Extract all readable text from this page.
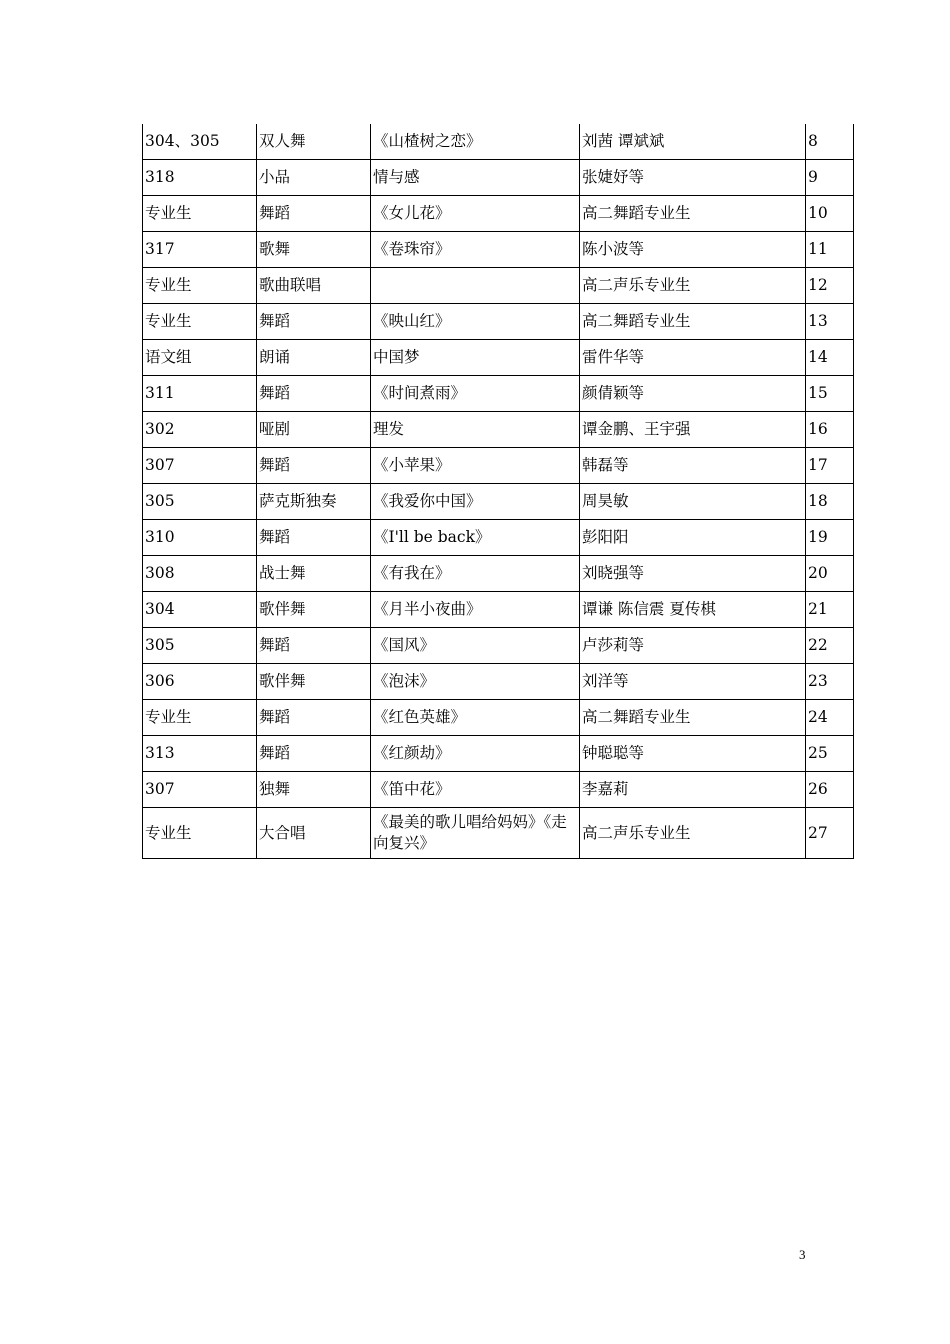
304、305	双人舞	《山楂树之恋》	刘茜 谭斌斌	8
318	小品	情与感	张婕妤等	9
专业生	舞蹈	《女儿花》	高二舞蹈专业生	10
317	歌舞	《卷珠帘》	陈小波等	11
专业生	歌曲联唱		高二声乐专业生	12
专业生	舞蹈	《映山红》	高二舞蹈专业生	13
语文组	朗诵	中国梦	雷件华等	14
311	舞蹈	《时间煮雨》	颜倩颖等	15
302	哑剧	理发	谭金鹏、王宇强	16
307	舞蹈	《小苹果》	韩磊等	17
305	萨克斯独奏	《我爱你中国》	周昊敏	18
310	舞蹈	《I'll be back》	彭阳阳	19
308	战士舞	《有我在》	刘晓强等	20
304	歌伴舞	《月半小夜曲》	谭谦 陈信震 夏传棋	21
305	舞蹈	《国风》	卢莎莉等	22
306	歌伴舞	《泡沫》	刘洋等	23
专业生	舞蹈	《红色英雄》	高二舞蹈专业生	24
313	舞蹈	《红颜劫》	钟聪聪等	25
307	独舞	《笛中花》	李嘉莉	26
专业生	大合唱	《最美的歌儿唱给妈妈》《走向复兴》	高二声乐专业生	27
3
